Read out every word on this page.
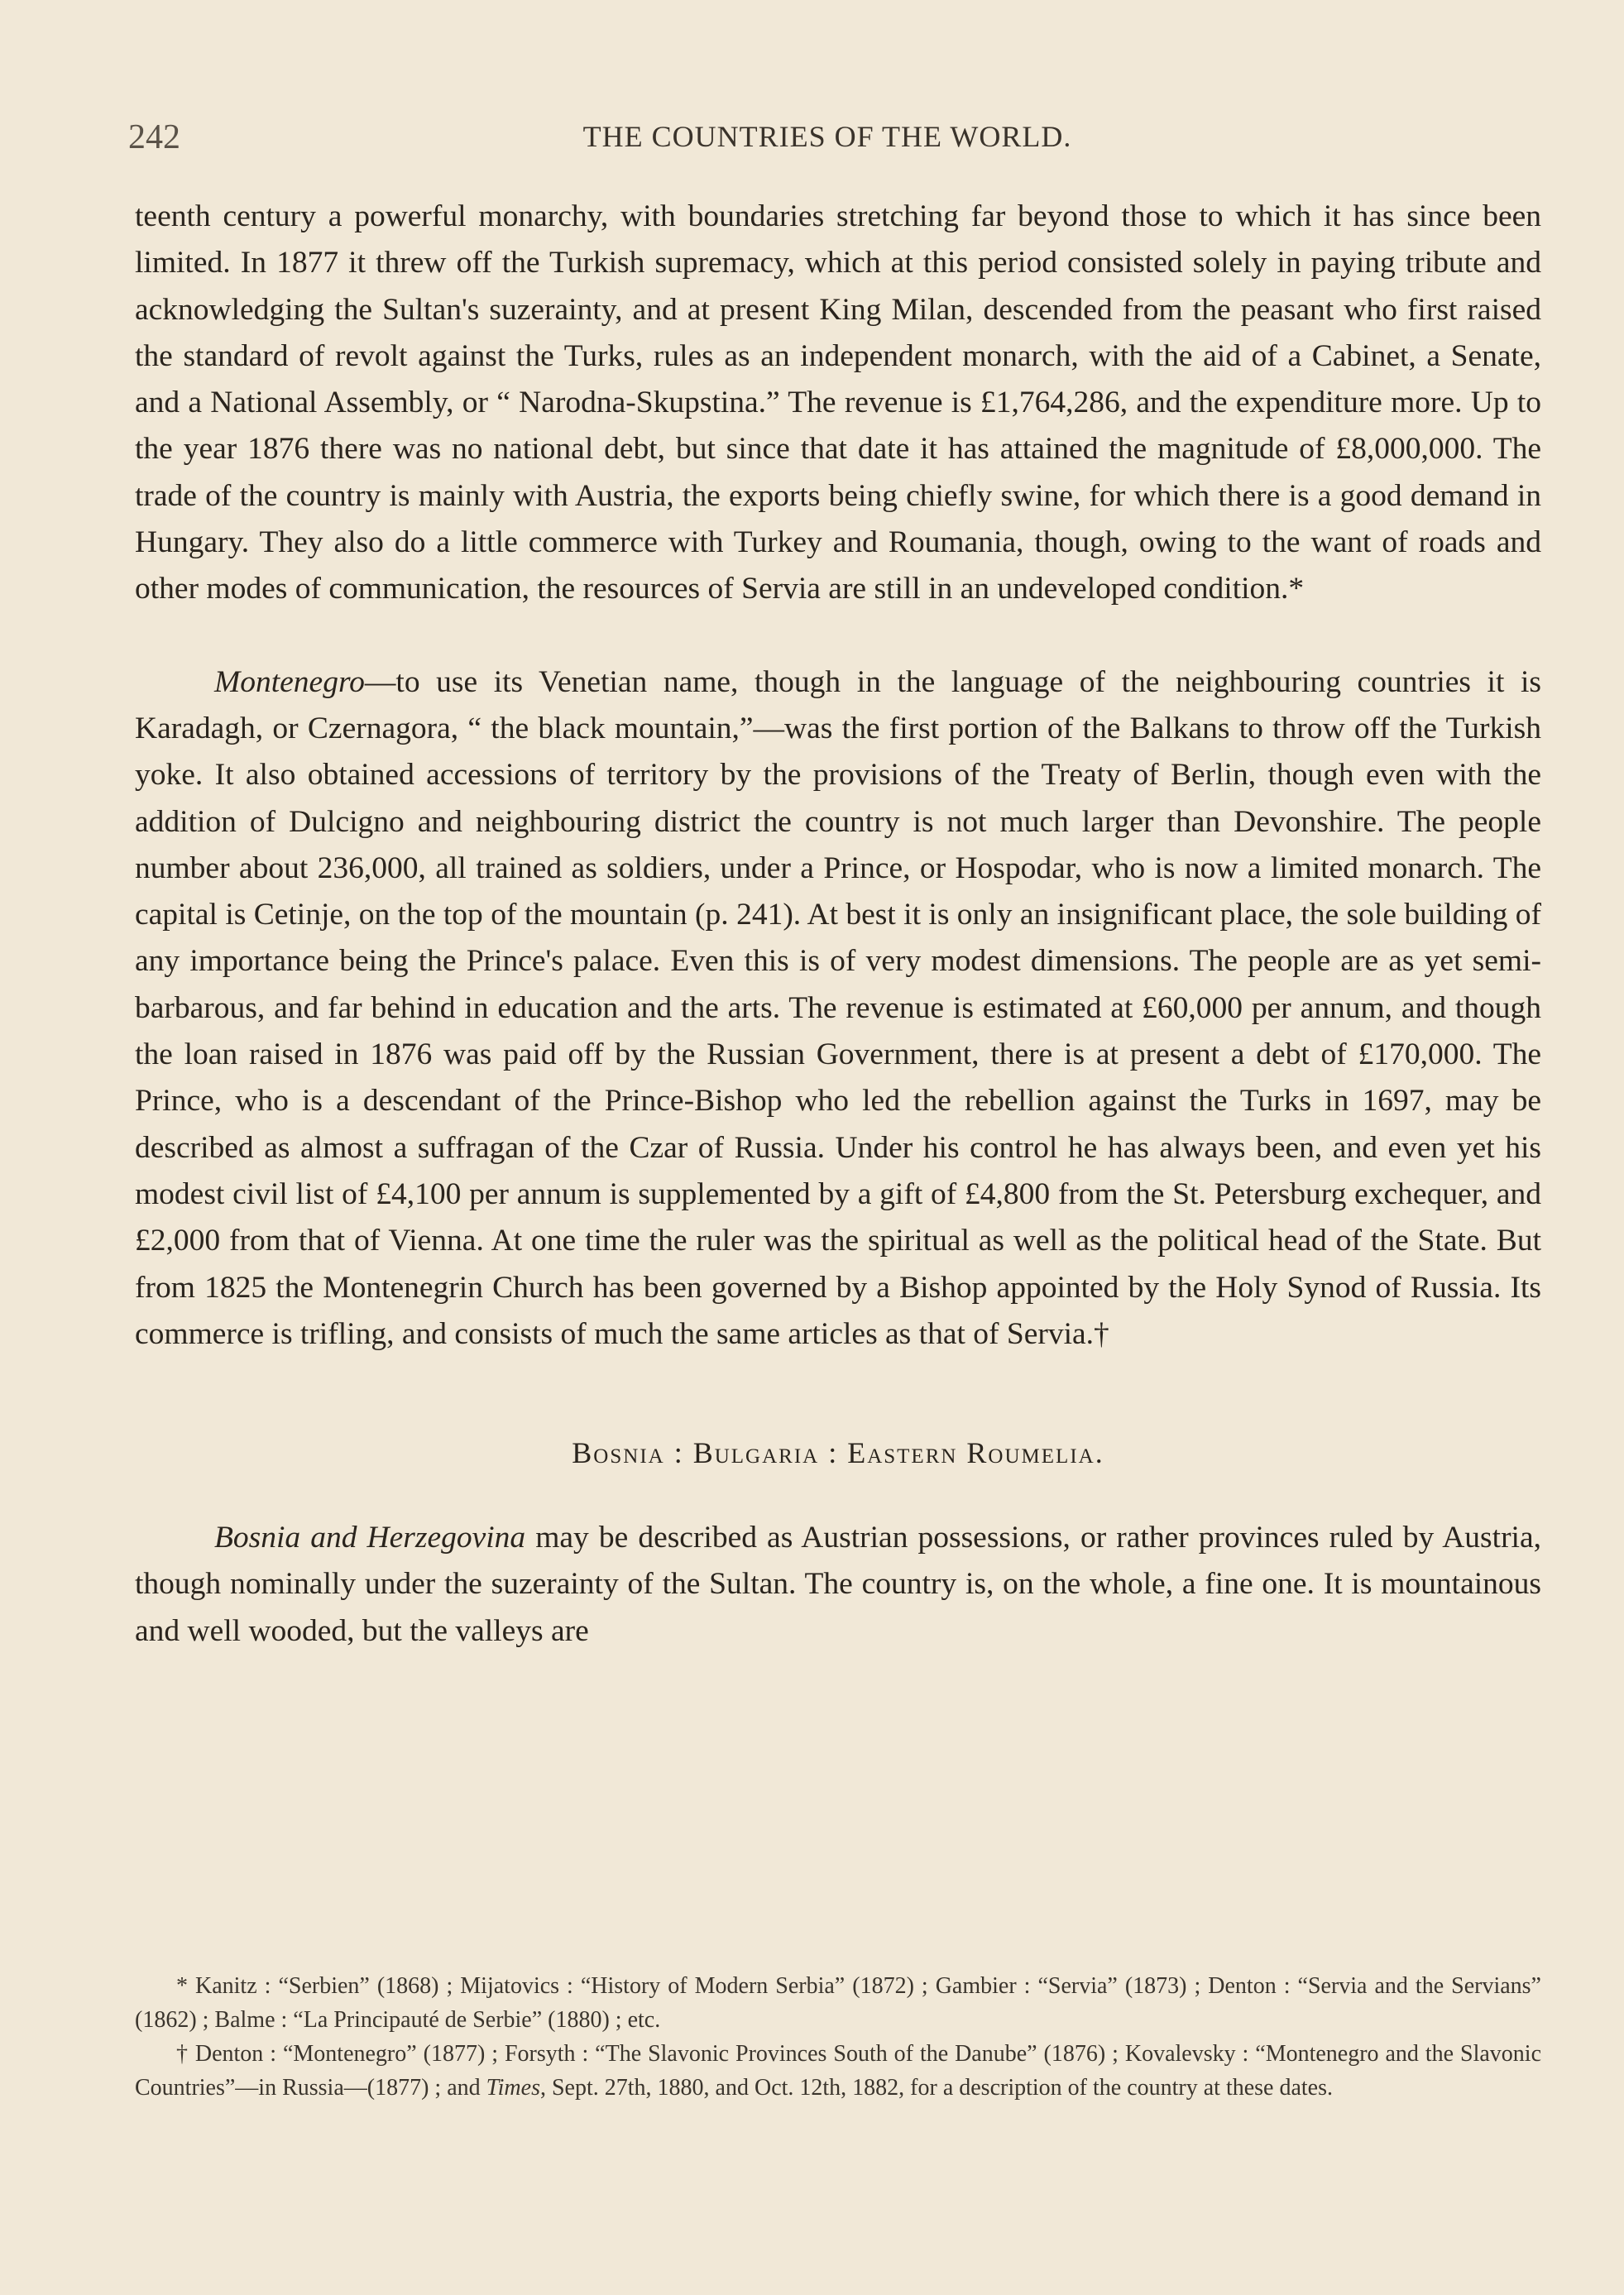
242	THE COUNTRIES OF THE WORLD.

teenth century a powerful monarchy, with boundaries stretching far beyond those to which it has since been limited. In 1877 it threw off the Turkish supremacy, which at this period consisted solely in paying tribute and acknowledging the Sultan's suzerainty, and at present King Milan, descended from the peasant who first raised the standard of revolt against the Turks, rules as an independent monarch, with the aid of a Cabinet, a Senate, and a National Assembly, or “ Narodna-Skupstina.” The revenue is £1,764,286, and the expenditure more. Up to the year 1876 there was no national debt, but since that date it has attained the magnitude of £8,000,000. The trade of the country is mainly with Austria, the exports being chiefly swine, for which there is a good demand in Hungary. They also do a little commerce with Turkey and Roumania, though, owing to the want of roads and other modes of communication, the resources of Servia are still in an undeveloped condition.*

Montenegro—to use its Venetian name, though in the language of the neighbouring countries it is Karadagh, or Czernagora, “ the black mountain,”—was the first portion of the Balkans to throw off the Turkish yoke. It also obtained accessions of territory by the provisions of the Treaty of Berlin, though even with the addition of Dulcigno and neighbouring district the country is not much larger than Devonshire. The people number about 236,000, all trained as soldiers, under a Prince, or Hospodar, who is now a limited monarch. The capital is Cetinje, on the top of the mountain (p. 241). At best it is only an insignificant place, the sole building of any importance being the Prince's palace. Even this is of very modest dimensions. The people are as yet semi-barbarous, and far behind in education and the arts. The revenue is estimated at £60,000 per annum, and though the loan raised in 1876 was paid off by the Russian Government, there is at present a debt of £170,000. The Prince, who is a descendant of the Prince-Bishop who led the rebellion against the Turks in 1697, may be described as almost a suffragan of the Czar of Russia. Under his control he has always been, and even yet his modest civil list of £4,100 per annum is supplemented by a gift of £4,800 from the St. Petersburg exchequer, and £2,000 from that of Vienna. At one time the ruler was the spiritual as well as the political head of the State. But from 1825 the Montenegrin Church has been governed by a Bishop appointed by the Holy Synod of Russia. Its commerce is trifling, and consists of much the same articles as that of Servia.†

Bosnia : Bulgaria : Eastern Roumelia.

Bosnia and Herzegovina may be described as Austrian possessions, or rather provinces ruled by Austria, though nominally under the suzerainty of the Sultan. The country is, on the whole, a fine one. It is mountainous and well wooded, but the valleys are

* Kanitz : “Serbien” (1868) ; Mijatovics : “History of Modern Serbia” (1872) ; Gambier : “Servia” (1873) ; Denton : “Servia and the Servians” (1862) ; Balme : “La Principauté de Serbie” (1880) ; etc.

† Denton : “Montenegro” (1877) ; Forsyth : “The Slavonic Provinces South of the Danube” (1876) ; Kovalevsky : “Montenegro and the Slavonic Countries”—in Russia—(1877) ; and Times, Sept. 27th, 1880, and Oct. 12th, 1882, for a description of the country at these dates.
